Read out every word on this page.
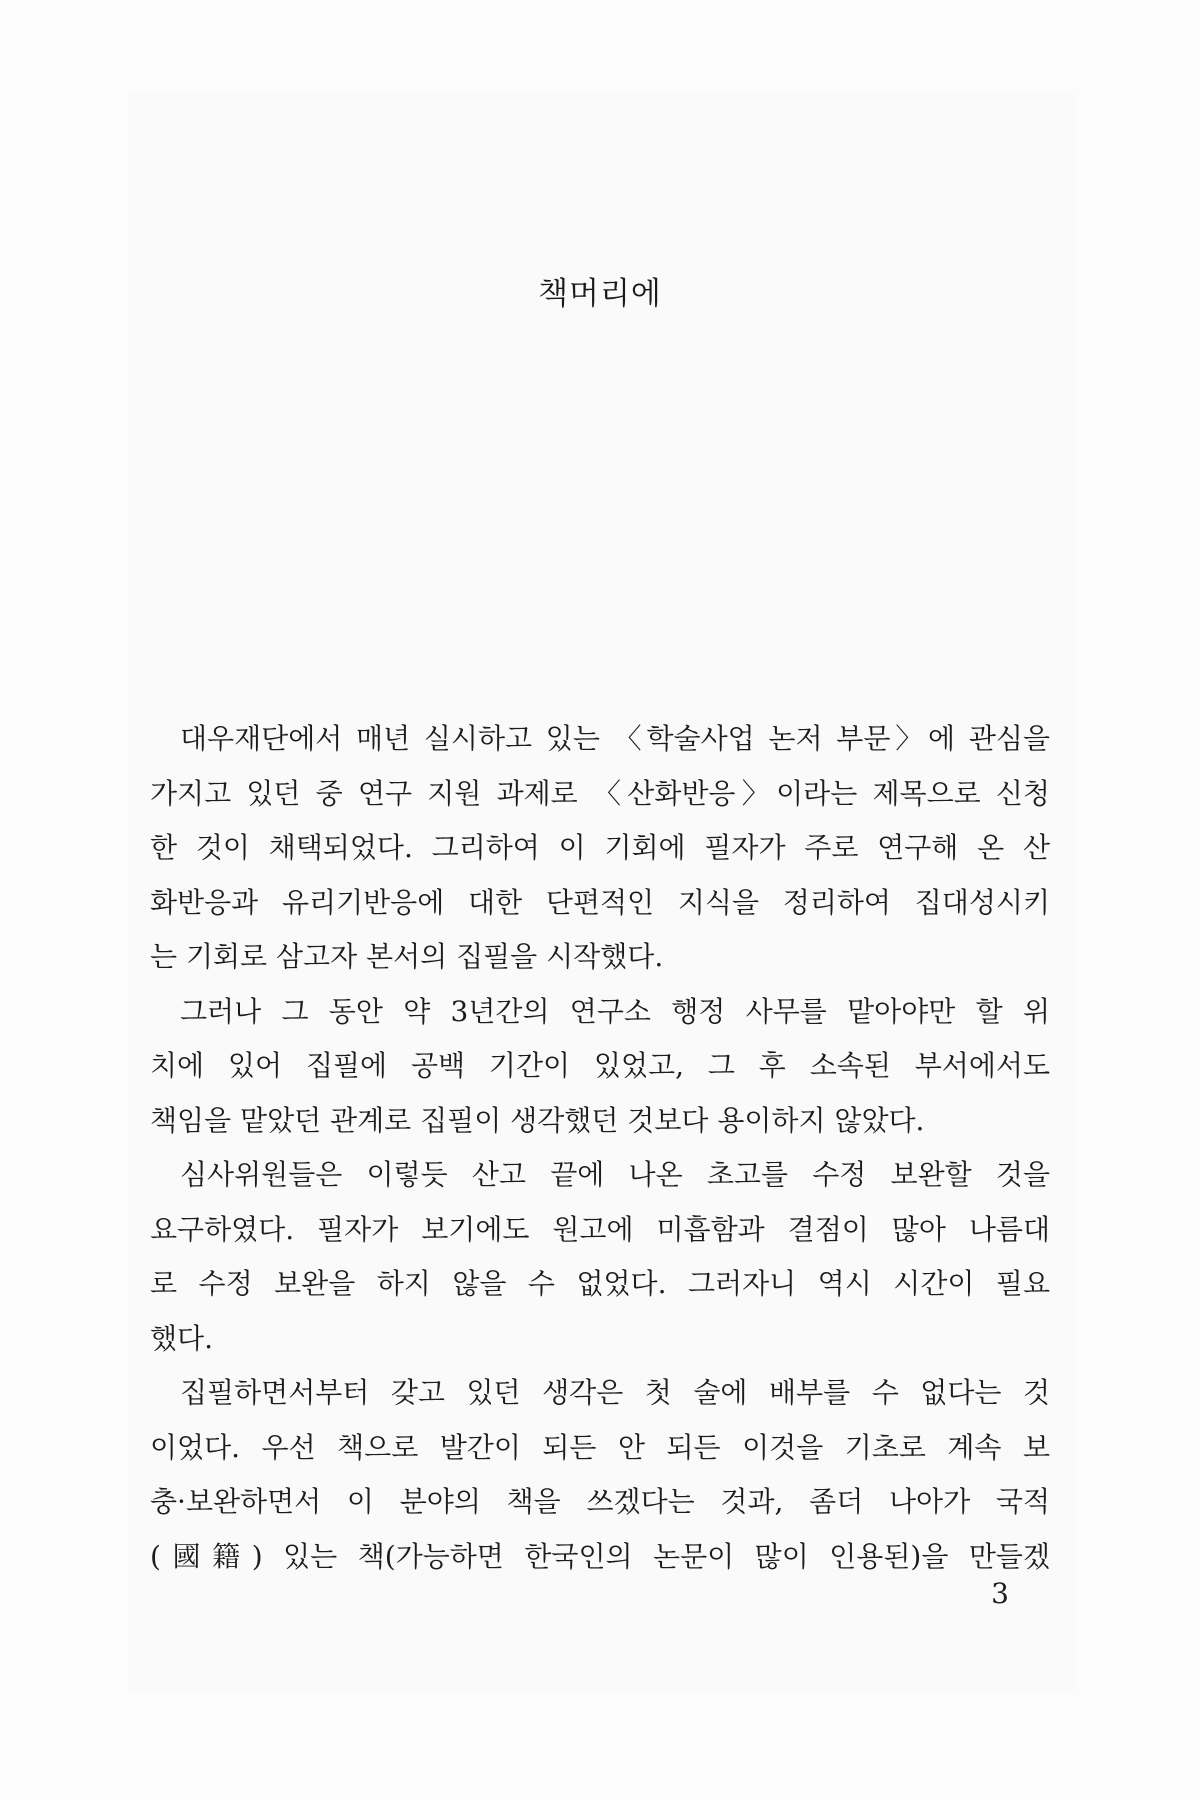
책머리에
대우재단에서 매년 실시하고 있는 〈학술사업 논저 부문〉에 관심을
가지고 있던 중 연구 지원 과제로 〈산화반응〉이라는 제목으로 신청
한 것이 채택되었다. 그리하여 이 기회에 필자가 주로 연구해 온 산
화반응과 유리기반응에 대한 단편적인 지식을 정리하여 집대성시키
는 기회로 삼고자 본서의 집필을 시작했다.
그러나 그 동안 약 3년간의 연구소 행정 사무를 맡아야만 할 위
치에 있어 집필에 공백 기간이 있었고, 그 후 소속된 부서에서도
책임을 맡았던 관계로 집필이 생각했던 것보다 용이하지 않았다.
심사위원들은 이렇듯 산고 끝에 나온 초고를 수정 보완할 것을
요구하였다. 필자가 보기에도 원고에 미흡함과 결점이 많아 나름대
로 수정 보완을 하지 않을 수 없었다. 그러자니 역시 시간이 필요
했다.
집필하면서부터 갖고 있던 생각은 첫 술에 배부를 수 없다는 것
이었다. 우선 책으로 발간이 되든 안 되든 이것을 기초로 계속 보
충·보완하면서 이 분야의 책을 쓰겠다는 것과, 좀더 나아가 국적
(國籍) 있는 책(가능하면 한국인의 논문이 많이 인용된)을 만들겠
3
